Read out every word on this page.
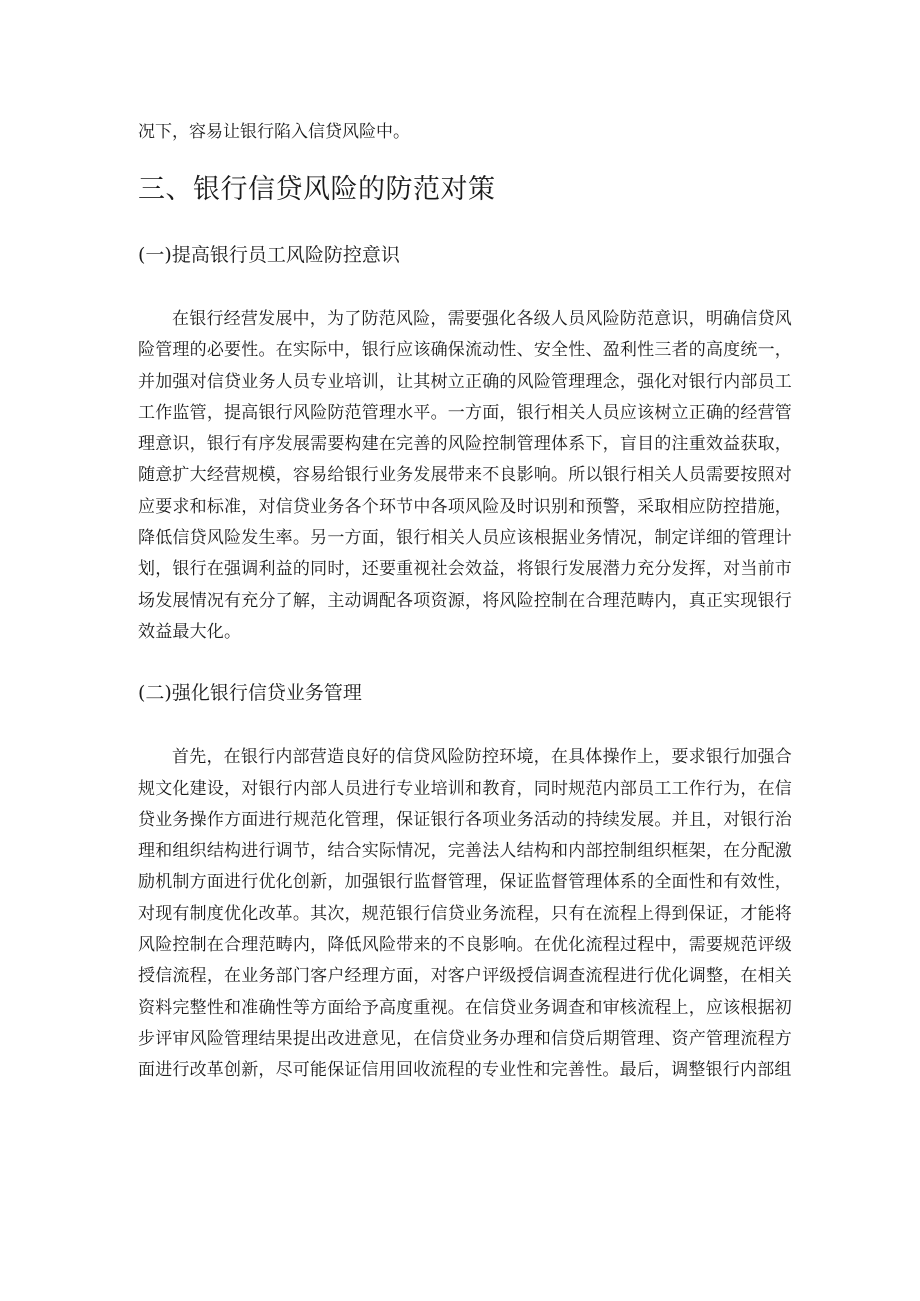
况下，容易让银行陷入信贷风险中。

三、银行信贷风险的防范对策
(一)提高银行员工风险防控意识

在银行经营发展中，为了防范风险，需要强化各级人员风险防范意识，明确信贷风险管理的必要性。在实际中，银行应该确保流动性、安全性、盈利性三者的高度统一，并加强对信贷业务人员专业培训，让其树立正确的风险管理理念，强化对银行内部员工工作监管，提高银行风险防范管理水平。一方面，银行相关人员应该树立正确的经营管理意识，银行有序发展需要构建在完善的风险控制管理体系下，盲目的注重效益获取，随意扩大经营规模，容易给银行业务发展带来不良影响。所以银行相关人员需要按照对应要求和标准，对信贷业务各个环节中各项风险及时识别和预警，采取相应防控措施，降低信贷风险发生率。另一方面，银行相关人员应该根据业务情况，制定详细的管理计划，银行在强调利益的同时，还要重视社会效益，将银行发展潜力充分发挥，对当前市场发展情况有充分了解，主动调配各项资源，将风险控制在合理范畴内，真正实现银行效益最大化。

(二)强化银行信贷业务管理

首先，在银行内部营造良好的信贷风险防控环境，在具体操作上，要求银行加强合规文化建设，对银行内部人员进行专业培训和教育，同时规范内部员工工作行为，在信贷业务操作方面进行规范化管理，保证银行各项业务活动的持续发展。并且，对银行治理和组织结构进行调节，结合实际情况，完善法人结构和内部控制组织框架，在分配激励机制方面进行优化创新，加强银行监督管理，保证监督管理体系的全面性和有效性，对现有制度优化改革。其次，规范银行信贷业务流程，只有在流程上得到保证，才能将风险控制在合理范畴内，降低风险带来的不良影响。在优化流程过程中，需要规范评级授信流程，在业务部门客户经理方面，对客户评级授信调查流程进行优化调整，在相关资料完整性和准确性等方面给予高度重视。在信贷业务调查和审核流程上，应该根据初步评审风险管理结果提出改进意见，在信贷业务办理和信贷后期管理、资产管理流程方面进行改革创新，尽可能保证信用回收流程的专业性和完善性。最后，调整银行内部组
